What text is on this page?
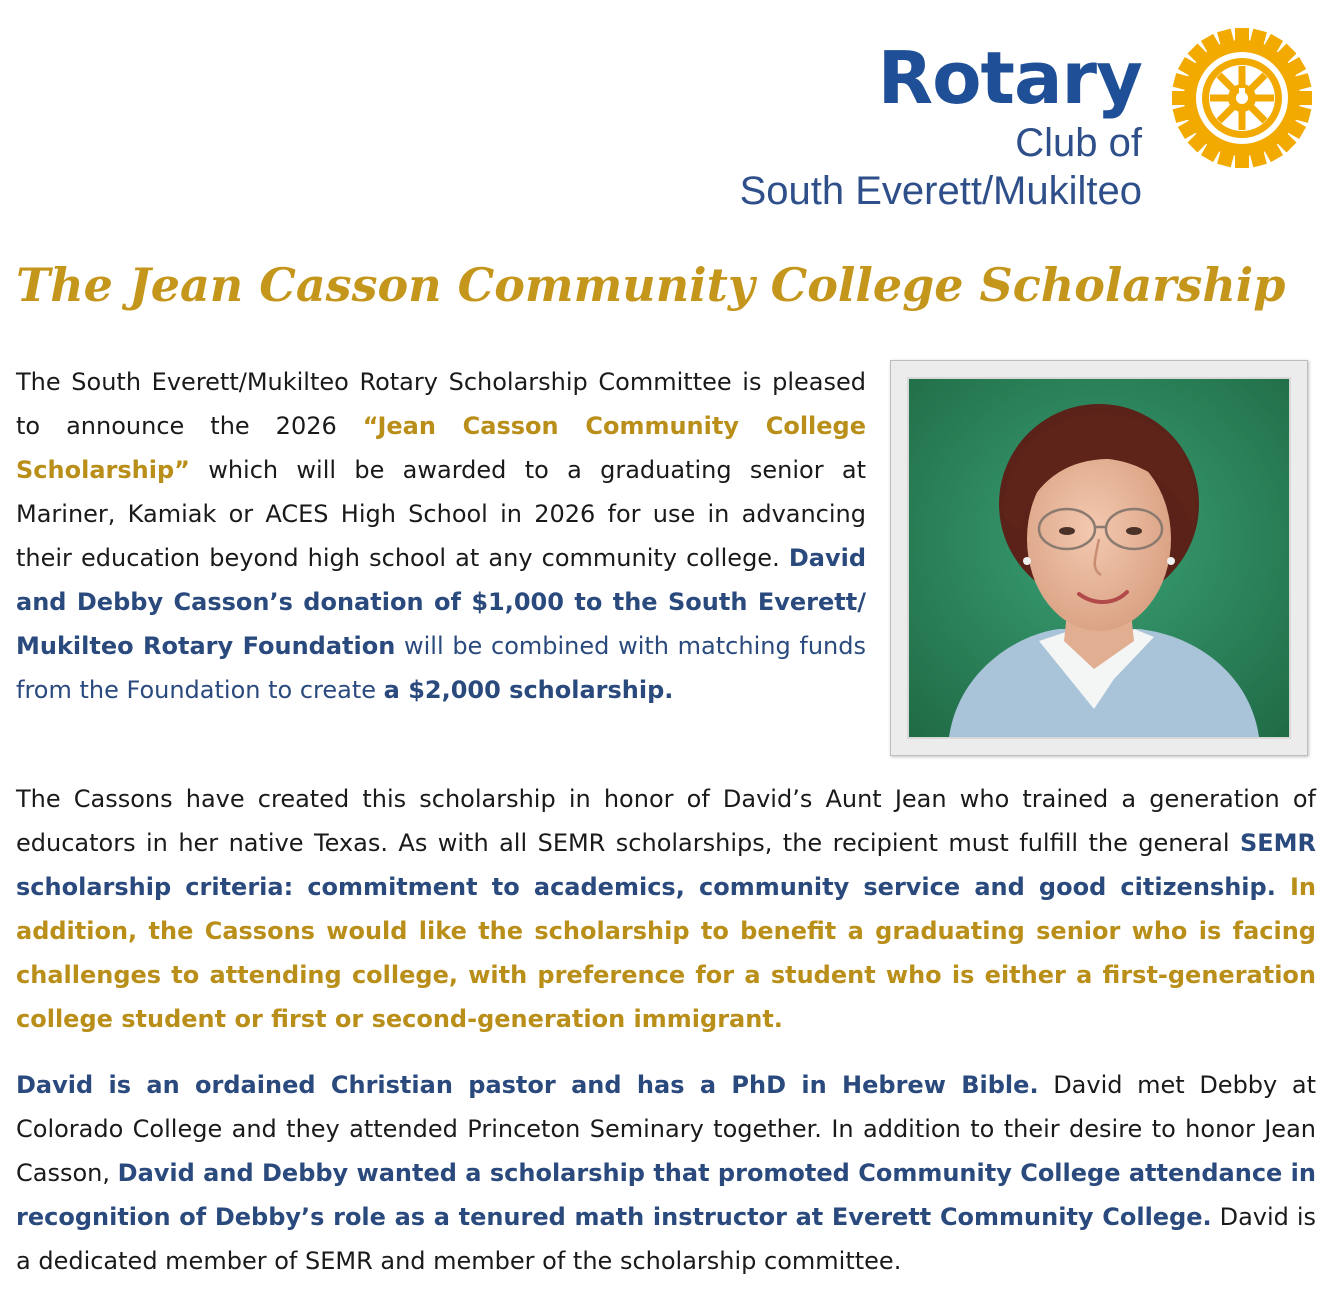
Rotary
Club of
South Everett/Mukilteo
The Jean Casson Community College Scholarship
The South Everett/Mukilteo Rotary Scholarship Committee is pleased to announce the 2026 “Jean Casson Community College Scholarship” which will be awarded to a graduating senior at Mariner, Kamiak or ACES High School in 2026 for use in advancing their education beyond high school at any community college. David and Debby Casson’s donation of $1,000 to the South Everett/ Mukilteo Rotary Foundation will be combined with matching funds from the Foundation to create a $2,000 scholarship.
The Cassons have created this scholarship in honor of David’s Aunt Jean who trained a generation of educators in her native Texas. As with all SEMR scholarships, the recipient must fulfill the general SEMR scholarship criteria: commitment to academics, community service and good citizenship. In addition, the Cassons would like the scholarship to benefit a graduating senior who is facing challenges to attending college, with preference for a student who is either a first-generation college student or first or second-generation immigrant.
David is an ordained Christian pastor and has a PhD in Hebrew Bible. David met Debby at Colorado College and they attended Princeton Seminary together. In addition to their desire to honor Jean Casson, David and Debby wanted a scholarship that promoted Community College attendance in recognition of Debby’s role as a tenured math instructor at Everett Community College. David is a dedicated member of SEMR and member of the scholarship committee.
